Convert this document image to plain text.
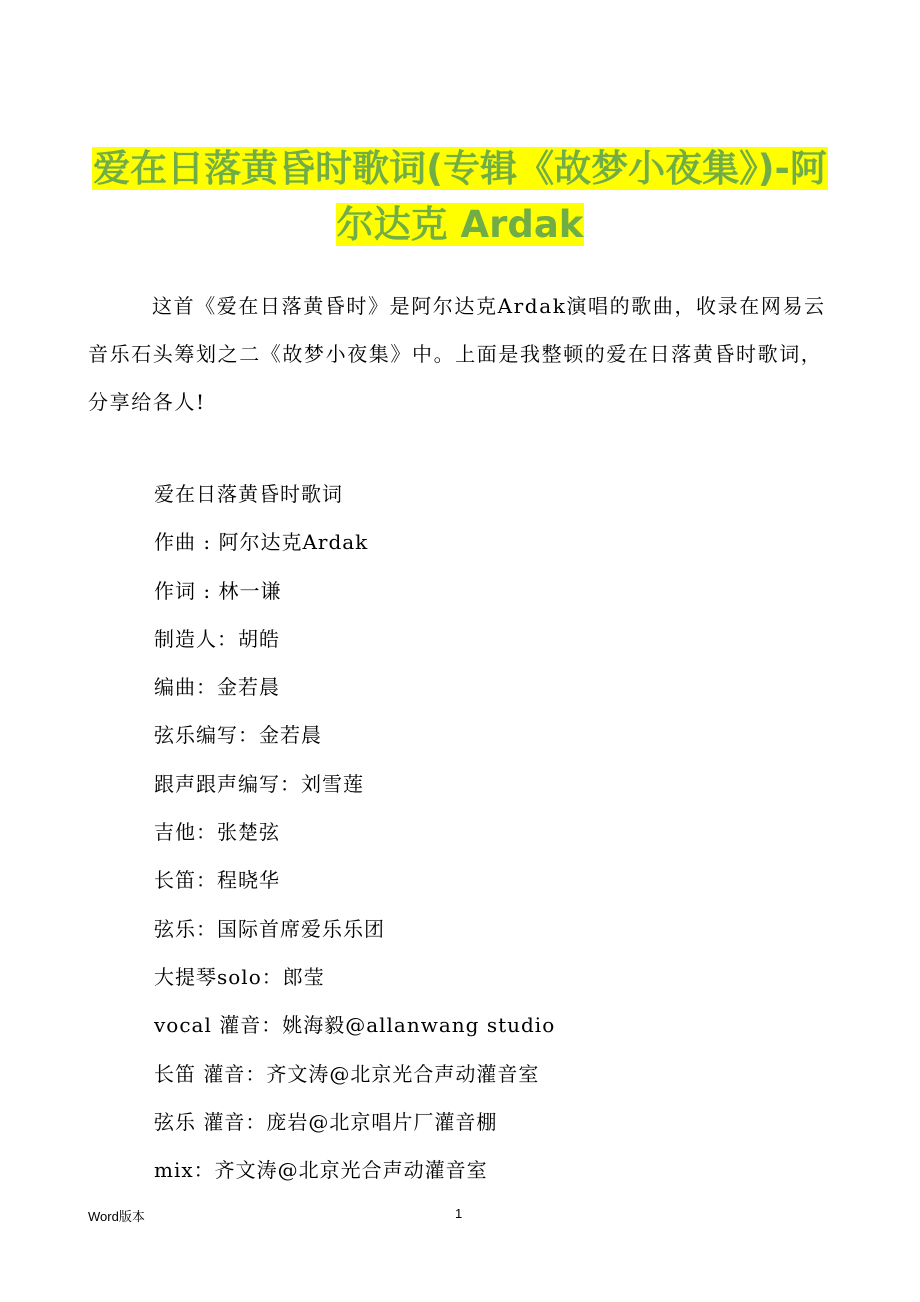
爱在日落黄昏时歌词(专辑《故梦小夜集》)-阿
尔达克 Ardak

这首《爱在日落黄昏时》是阿尔达克Ardak演唱的歌曲，收录在网易云音乐石头筹划之二《故梦小夜集》中。上面是我整顿的爱在日落黄昏时歌词，分享给各人!

爱在日落黄昏时歌词
作曲 : 阿尔达克Ardak
作词 : 林一谦
制造人：胡皓
编曲：金若晨
弦乐编写：金若晨
跟声跟声编写：刘雪莲
吉他：张楚弦
长笛：程晓华
弦乐：国际首席爱乐乐团
大提琴solo：郎莹
vocal 灌音：姚海毅@allanwang studio
长笛 灌音：齐文涛@北京光合声动灌音室
弦乐 灌音：庞岩@北京唱片厂灌音棚
mix：齐文涛@北京光合声动灌音室
Word版本	1
